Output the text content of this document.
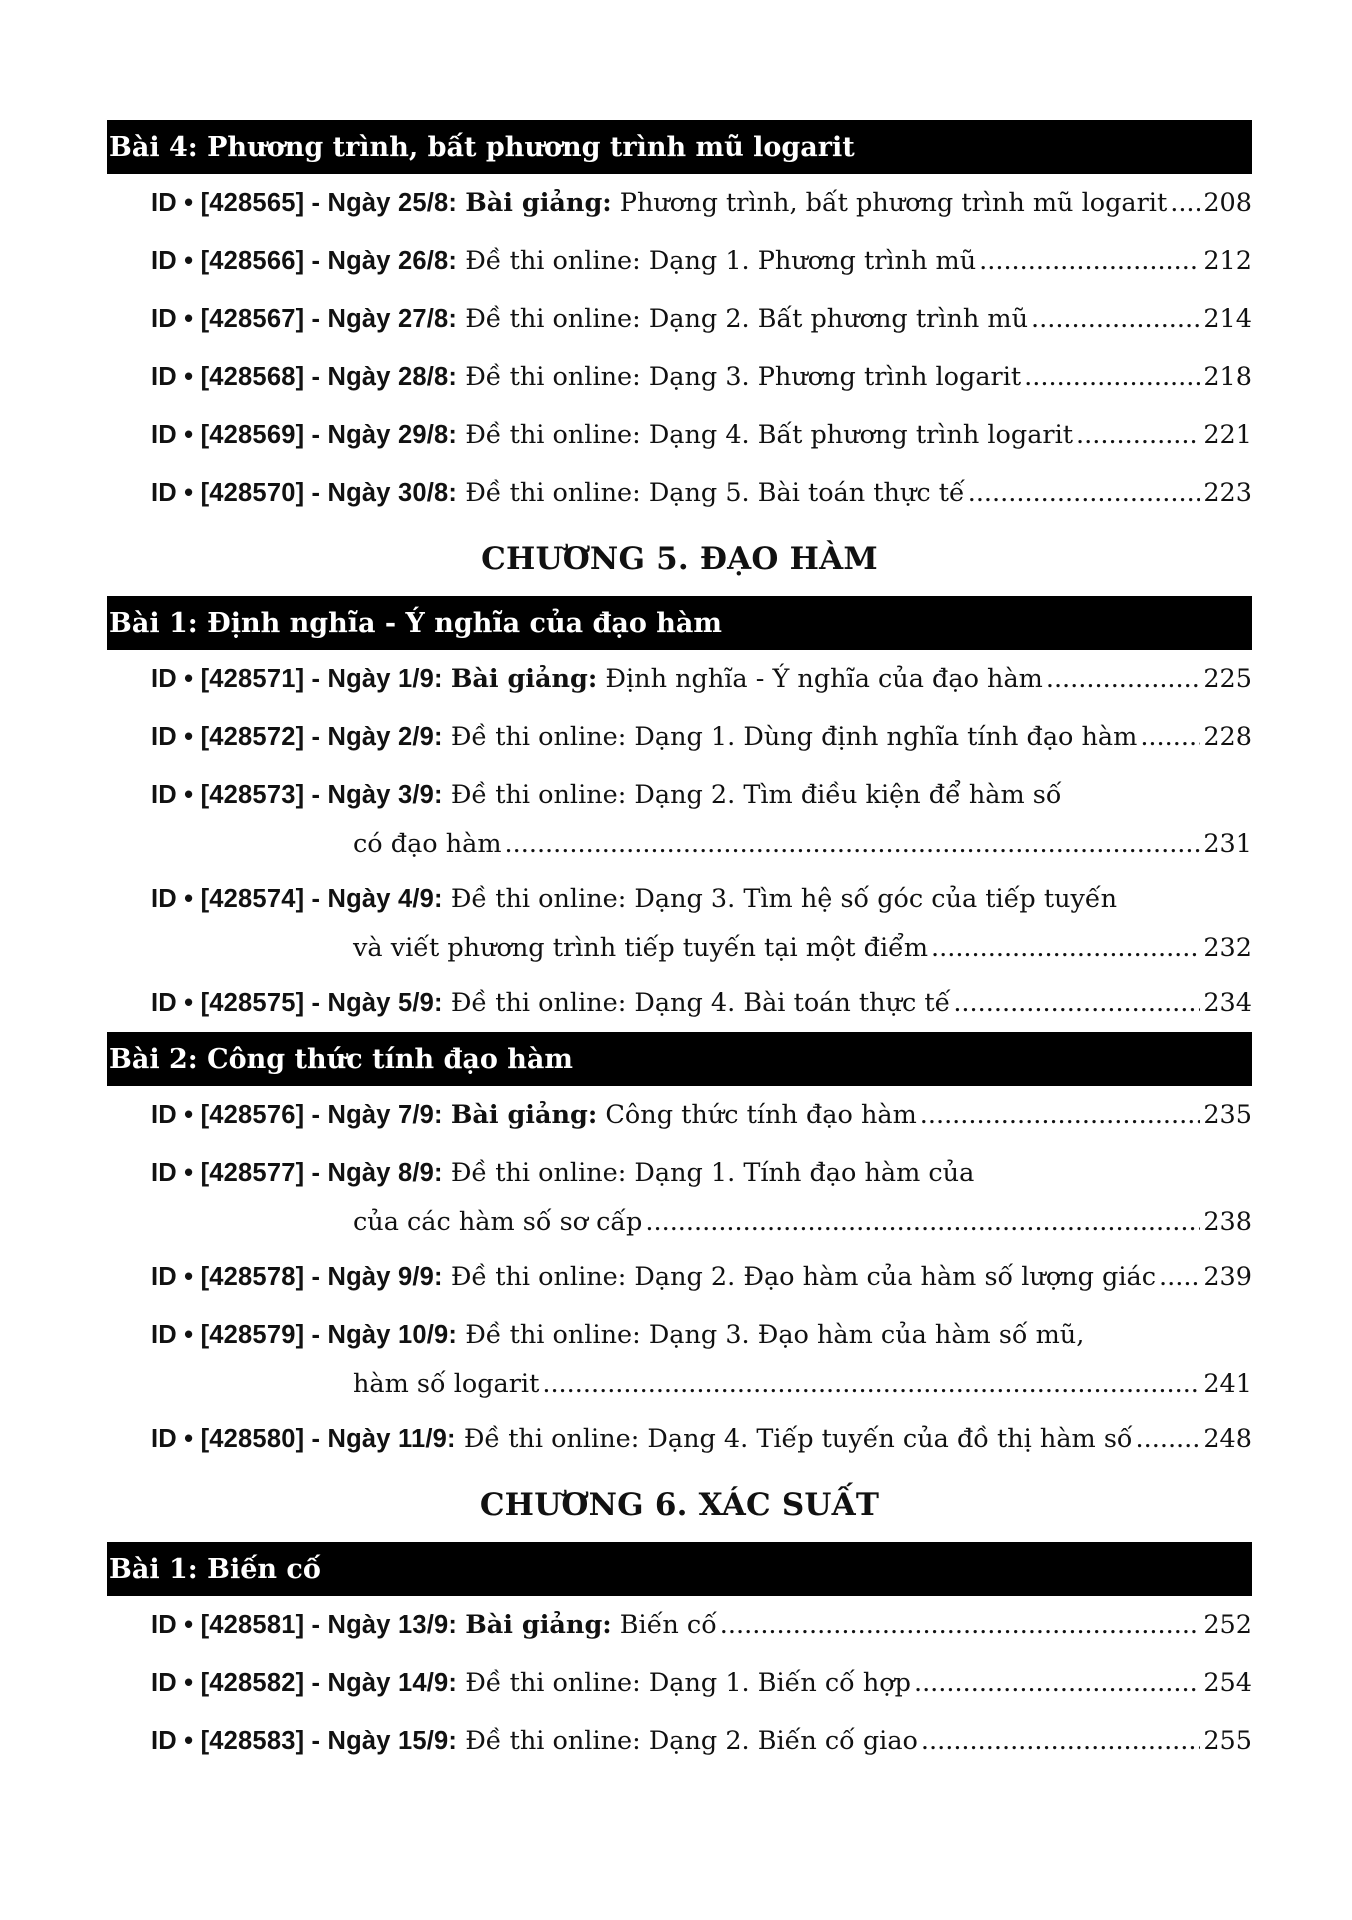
Bài 4: Phương trình, bất phương trình mũ logarit
ID • [428565] - Ngày 25/8: Bài giảng: Phương trình, bất phương trình mũ logarit ..... 208
ID • [428566] - Ngày 26/8: Đề thi online: Dạng 1. Phương trình mũ .....	212
ID • [428567] - Ngày 27/8: Đề thi online: Dạng 2. Bất phương trình mũ .....	214
ID • [428568] - Ngày 28/8: Đề thi online: Dạng 3. Phương trình logarit .....	218
ID • [428569] - Ngày 29/8: Đề thi online: Dạng 4. Bất phương trình logarit .....	221
ID • [428570] - Ngày 30/8: Đề thi online: Dạng 5. Bài toán thực tế .....	223
CHƯƠNG 5. ĐẠO HÀM
Bài 1: Định nghĩa - Ý nghĩa của đạo hàm
ID • [428571] - Ngày 1/9: Bài giảng: Định nghĩa - Ý nghĩa của đạo hàm .....	225
ID • [428572] - Ngày 2/9: Đề thi online: Dạng 1. Dùng định nghĩa tính đạo hàm .....	228
ID • [428573] - Ngày 3/9: Đề thi online: Dạng 2. Tìm điều kiện để hàm số
có đạo hàm .....	231
ID • [428574] - Ngày 4/9: Đề thi online: Dạng 3. Tìm hệ số góc của tiếp tuyến
và viết phương trình tiếp tuyến tại một điểm .....	232
ID • [428575] - Ngày 5/9: Đề thi online: Dạng 4. Bài toán thực tế .....	234
Bài 2: Công thức tính đạo hàm
ID • [428576] - Ngày 7/9: Bài giảng: Công thức tính đạo hàm .....	235
ID • [428577] - Ngày 8/9: Đề thi online: Dạng 1. Tính đạo hàm của
của các hàm số sơ cấp .....	238
ID • [428578] - Ngày 9/9: Đề thi online: Dạng 2. Đạo hàm của hàm số lượng giác ..... 239
ID • [428579] - Ngày 10/9: Đề thi online: Dạng 3. Đạo hàm của hàm số mũ,
hàm số logarit .....	241
ID • [428580] - Ngày 11/9: Đề thi online: Dạng 4. Tiếp tuyến của đồ thị hàm số .....	248
CHƯƠNG 6. XÁC SUẤT
Bài 1: Biến cố
ID • [428581] - Ngày 13/9: Bài giảng: Biến cố .....	252
ID • [428582] - Ngày 14/9: Đề thi online: Dạng 1. Biến cố hợp .....	254
ID • [428583] - Ngày 15/9: Đề thi online: Dạng 2. Biến cố giao .....	255
